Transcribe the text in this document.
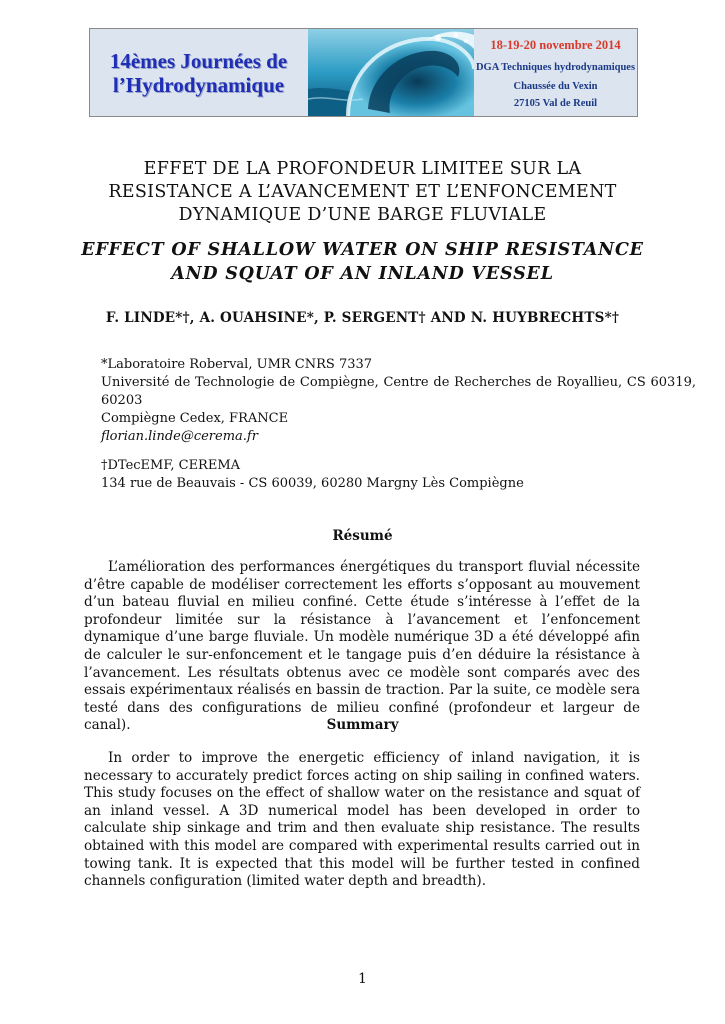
14èmes Journées de
l’Hydrodynamique
18-19-20 novembre 2014
DGA Techniques hydrodynamiques
Chaussée du Vexin
27105 Val de Reuil
EFFET DE LA PROFONDEUR LIMITEE SUR LA RESISTANCE A L’AVANCEMENT ET L’ENFONCEMENT DYNAMIQUE D’UNE BARGE FLUVIALE
EFFECT OF SHALLOW WATER ON SHIP RESISTANCE AND SQUAT OF AN INLAND VESSEL
F. LINDE*†, A. OUAHSINE*, P. SERGENT† AND N. HUYBRECHTS*†

*Laboratoire Roberval, UMR CNRS 7337

Université de Technologie de Compiègne, Centre de Recherches de Royallieu, CS 60319, 60203

Compiègne Cedex, FRANCE

florian.linde@cerema.fr

†DTecEMF, CEREMA

134 rue de Beauvais - CS 60039, 60280 Margny Lès Compiègne

Résumé

L’amélioration des performances énergétiques du transport fluvial nécessite d’être capable de modéliser correctement les efforts s’opposant au mouvement d’un bateau fluvial en milieu confiné. Cette étude s’intéresse à l’effet de la profondeur limitée sur la résistance à l’avancement et l’enfoncement dynamique d’une barge fluviale. Un modèle numérique 3D a été développé afin de calculer le sur-enfoncement et le tangage puis d’en déduire la résistance à l’avancement. Les résultats obtenus avec ce modèle sont comparés avec des essais expérimentaux réalisés en bassin de traction. Par la suite, ce modèle sera testé dans des configurations de milieu confiné (profondeur et largeur de canal).	Summary

In order to improve the energetic efficiency of inland navigation, it is necessary to accurately predict forces acting on ship sailing in confined waters. This study focuses on the effect of shallow water on the resistance and squat of an inland vessel. A 3D numerical model has been developed in order to calculate ship sinkage and trim and then evaluate ship resistance. The results obtained with this model are compared with experimental results carried out in towing tank. It is expected that this model will be further tested in confined channels configuration (limited water depth and breadth).

1
